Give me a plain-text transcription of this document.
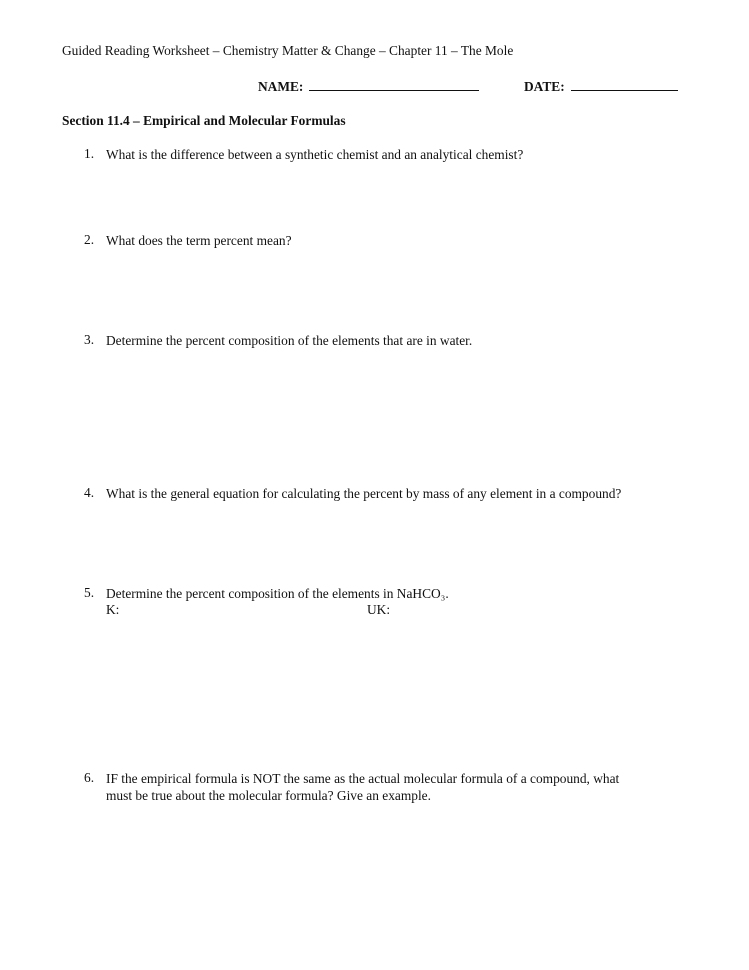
Guided Reading Worksheet – Chemistry Matter & Change – Chapter 11 – The Mole
NAME:	DATE:
Section 11.4 – Empirical and Molecular Formulas
1. What is the difference between a synthetic chemist and an analytical chemist?
2. What does the term percent mean?
3. Determine the percent composition of the elements that are in water.
4. What is the general equation for calculating the percent by mass of any element in a compound?
5. Determine the percent composition of the elements in NaHCO₃.
K:	UK:
6. IF the empirical formula is NOT the same as the actual molecular formula of a compound, what
must be true about the molecular formula? Give an example.
